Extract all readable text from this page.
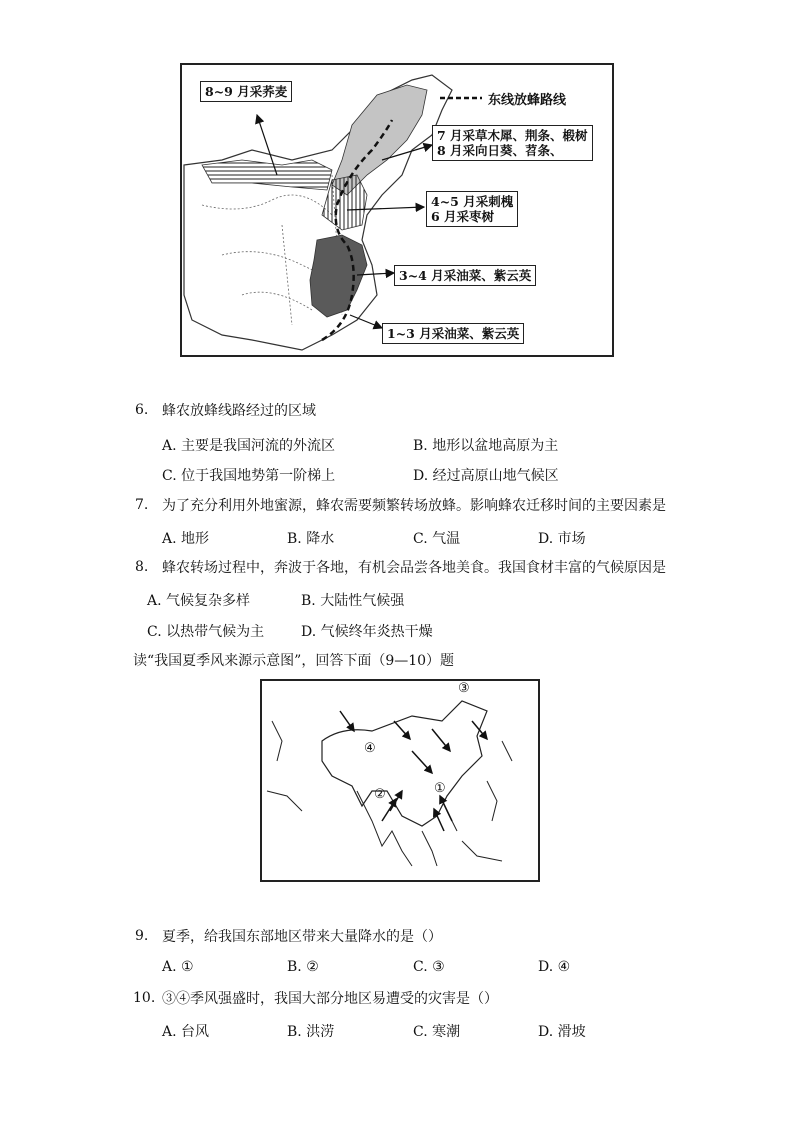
8~9 月采荞麦
东线放蜂路线
7 月采草木犀、荆条、椴树
8 月采向日葵、苕条、
4~5 月采刺槐
6 月采枣树
3~4 月采油菜、紫云英
1~3 月采油菜、紫云英
6. 蜂农放蜂线路经过的区域
A. 主要是我国河流的外流区	B. 地形以盆地高原为主
C. 位于我国地势第一阶梯上	D. 经过高原山地气候区
7. 为了充分利用外地蜜源，蜂农需要频繁转场放蜂。影响蜂农迁移时间的主要因素是
A. 地形	B. 降水	C. 气温	D. 市场
8. 蜂农转场过程中，奔波于各地，有机会品尝各地美食。我国食材丰富的气候原因是
A. 气候复杂多样	B. 大陆性气候强
C. 以热带气候为主	D. 气候终年炎热干燥
读“我国夏季风来源示意图”，回答下面（9—10）题
①
②
③
④
9. 夏季，给我国东部地区带来大量降水的是（）
A. ①	B. ②	C. ③	D. ④
10. ③④季风强盛时，我国大部分地区易遭受的灾害是（）
A. 台风	B. 洪涝	C. 寒潮	D. 滑坡
